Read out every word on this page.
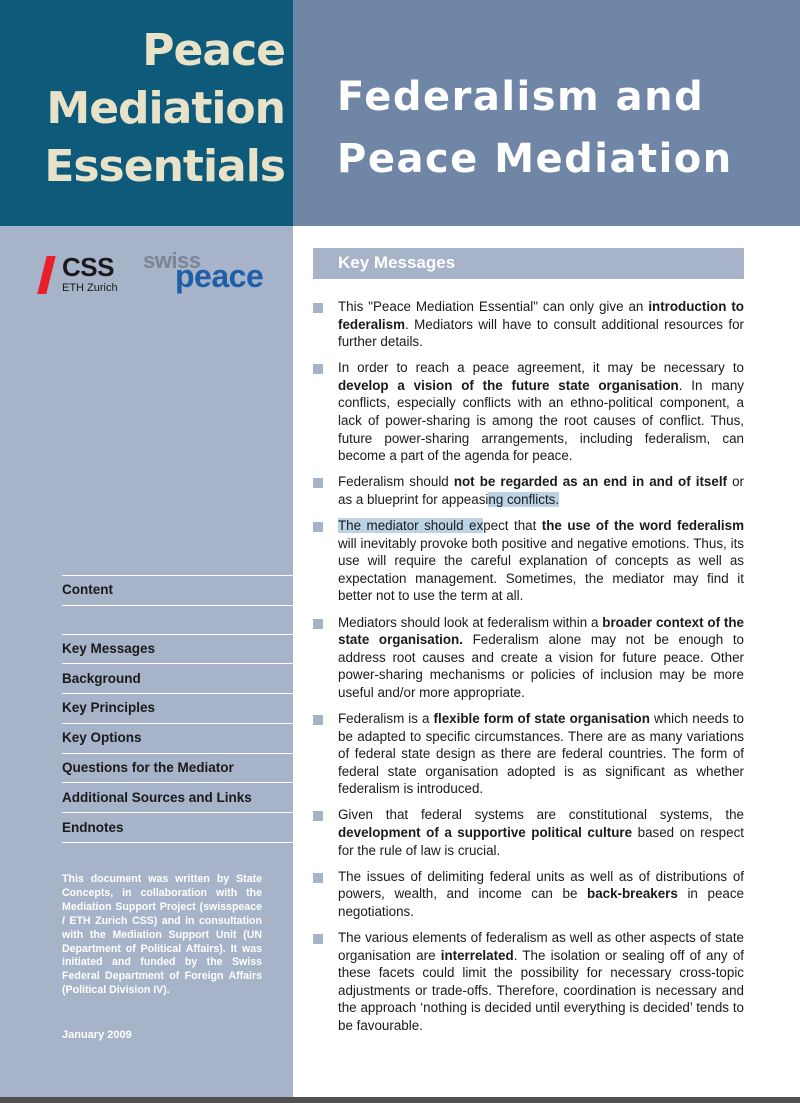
Peace
Mediation
Essentials
Federalism and
Peace Mediation
CSS
ETH Zurich
swiss
peace
Content
Key Messages
Background
Key Principles
Key Options
Questions for the Mediator
Additional Sources and Links
Endnotes
This document was written by State Concepts, in collaboration with the Mediation Support Project (swisspeace / ETH Zurich CSS) and in consultation with the Mediation Support Unit (UN Department of Political Affairs). It was initiated and funded by the Swiss Federal Department of Foreign Affairs (Political Division IV).
January 2009
Key Messages
This "Peace Mediation Essential" can only give an introduction to federalism. Mediators will have to consult additional resources for further details.
In order to reach a peace agreement, it may be necessary to develop a vision of the future state organisation. In many conflicts, especially conflicts with an ethno-political component, a lack of power-sharing is among the root causes of conflict. Thus, future power-sharing arrangements, including federalism, can become a part of the agenda for peace.
Federalism should not be regarded as an end in and of itself or as a blueprint for appeasing conflicts.
The mediator should expect that the use of the word federalism will inevitably provoke both positive and negative emotions. Thus, its use will require the careful explanation of concepts as well as expectation management. Sometimes, the mediator may find it better not to use the term at all.
Mediators should look at federalism within a broader context of the state organisation. Federalism alone may not be enough to address root causes and create a vision for future peace. Other power-sharing mechanisms or policies of inclusion may be more useful and/or more appropriate.
Federalism is a flexible form of state organisation which needs to be adapted to specific circumstances. There are as many variations of federal state design as there are federal countries. The form of federal state organisation adopted is as significant as whether federalism is introduced.
Given that federal systems are constitutional systems, the development of a supportive political culture based on respect for the rule of law is crucial.
The issues of delimiting federal units as well as of distributions of powers, wealth, and income can be back-breakers in peace negotiations.
The various elements of federalism as well as other aspects of state organisation are interrelated. The isolation or sealing off of any of these facets could limit the possibility for necessary cross-topic adjustments or trade-offs. Therefore, coordination is necessary and the approach ‘nothing is decided until everything is decided’ tends to be favourable.
